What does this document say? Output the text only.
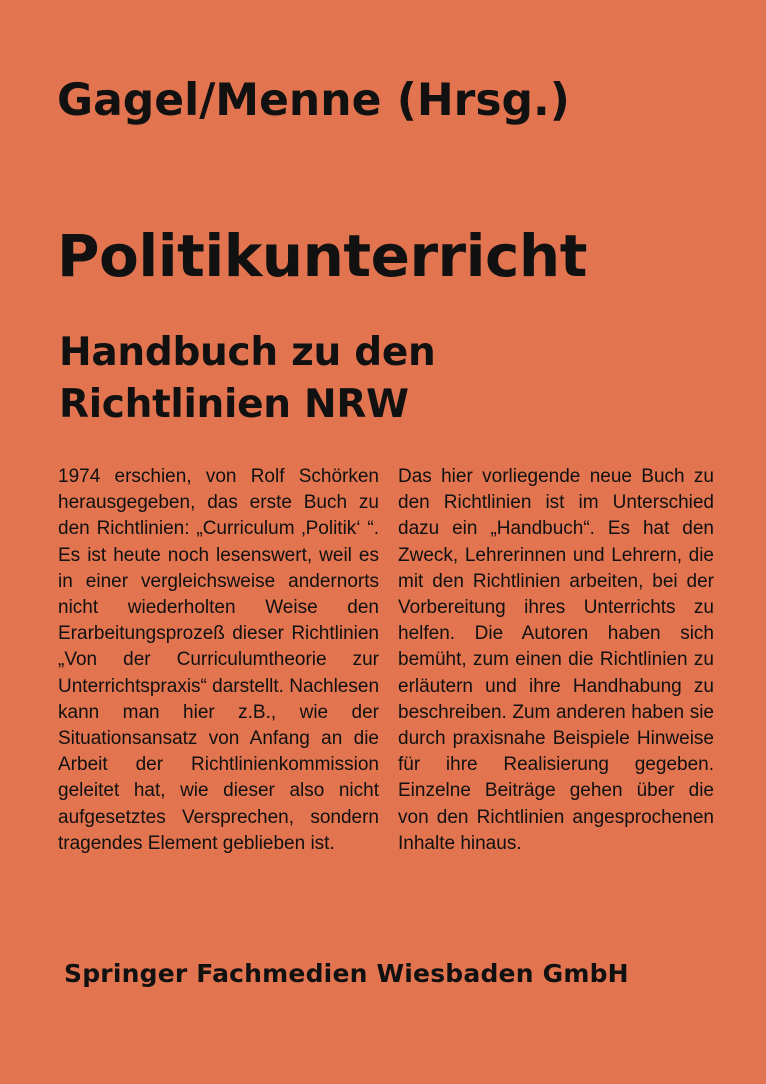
Gagel/Menne (Hrsg.)
Politikunterricht
Handbuch zu den
Richtlinien NRW
1974 erschien, von Rolf Schörken herausgegeben, das erste Buch zu den Richtlinien: „Curriculum ‚Politik‘ “. Es ist heute noch lesenswert, weil es in einer vergleichsweise andernorts nicht wiederholten Weise den Erarbeitungsprozeß dieser Richtlinien „Von der Curriculumtheorie zur Unterrichtspraxis“ darstellt. Nachlesen kann man hier z.B., wie der Situationsansatz von Anfang an die Arbeit der Richtlinienkommission geleitet hat, wie dieser also nicht aufgesetztes Versprechen, sondern tragendes Element geblieben ist.
Das hier vorliegende neue Buch zu den Richtlinien ist im Unterschied dazu ein „Handbuch“. Es hat den Zweck, Lehrerinnen und Lehrern, die mit den Richtlinien arbeiten, bei der Vorbereitung ihres Unterrichts zu helfen. Die Autoren haben sich bemüht, zum einen die Richtlinien zu erläutern und ihre Handhabung zu beschreiben. Zum anderen haben sie durch praxisnahe Beispiele Hinweise für ihre Realisierung gegeben. Einzelne Beiträge gehen über die von den Richtlinien angesprochenen Inhalte hinaus.
Springer Fachmedien Wiesbaden GmbH
